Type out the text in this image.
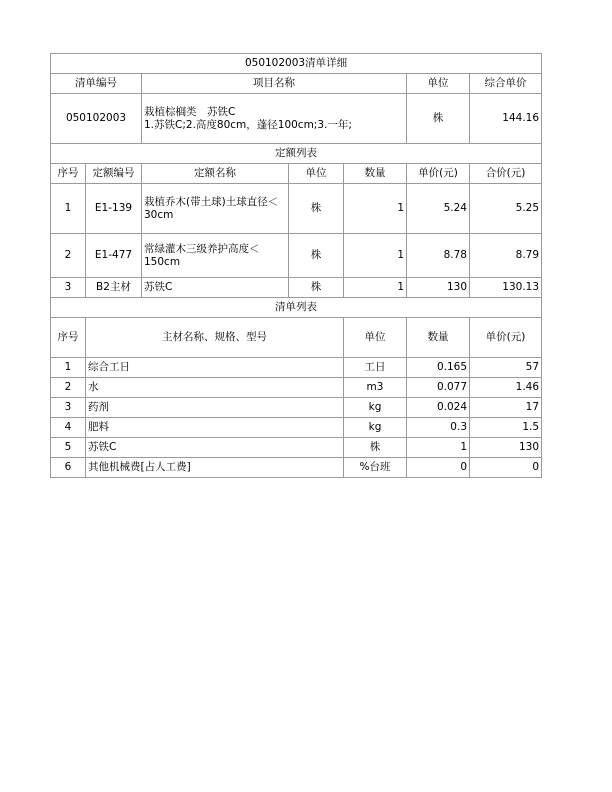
050102003清单详细							
清单编号		项目名称			单位	综合单价	
050102003		栽植棕榈类　苏铁C
1.苏铁C;2.高度80cm，蓬径100cm;3.一年;			株	144.16	
定额列表							
序号	定额编号	定额名称	单位	数量	单价(元)	合价(元)	
1	E1-139	栽植乔木(带土球)土球直径＜30cm	株	1	5.24	5.25	
2	E1-477	常绿灌木三级养护高度＜150cm	株	1	8.78	8.79	
3	B2主材	苏铁C	株	1	130	130.13	
清单列表							
序号	主材名称、规格、型号			单位	数量	单价(元)	
1	综合工日			工日	0.165	57	
2	水			m3	0.077	1.46	
3	药剂			kg	0.024	17	
4	肥料			kg	0.3	1.5	
5	苏铁C			株	1	130	
6	其他机械费[占人工费]			%台班	0	0	
